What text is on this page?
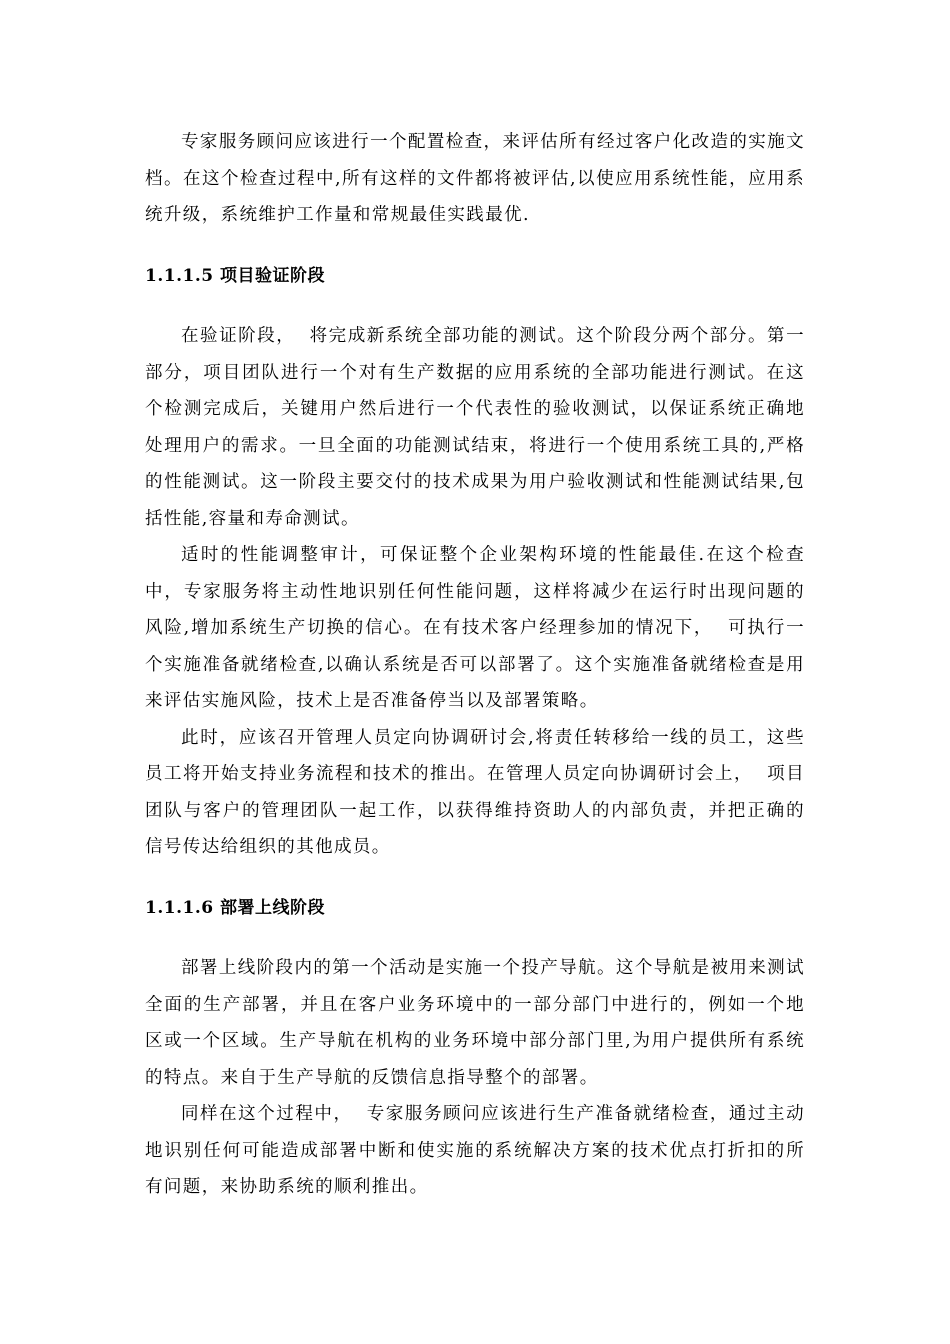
专家服务顾问应该进行一个配置检查，来评估所有经过客户化改造的实施文档。在这个检查过程中,所有这样的文件都将被评估,以使应用系统性能，应用系统升级，系统维护工作量和常规最佳实践最优.

1.1.1.5 项目验证阶段

在验证阶段，  将完成新系统全部功能的测试。这个阶段分两个部分。第一部分，项目团队进行一个对有生产数据的应用系统的全部功能进行测试。在这个检测完成后，关键用户然后进行一个代表性的验收测试，以保证系统正确地处理用户的需求。一旦全面的功能测试结束，将进行一个使用系统工具的,严格的性能测试。这一阶段主要交付的技术成果为用户验收测试和性能测试结果,包括性能,容量和寿命测试。

适时的性能调整审计，可保证整个企业架构环境的性能最佳.在这个检查中，专家服务将主动性地识别任何性能问题，这样将减少在运行时出现问题的风险,增加系统生产切换的信心。在有技术客户经理参加的情况下，  可执行一个实施准备就绪检查,以确认系统是否可以部署了。这个实施准备就绪检查是用来评估实施风险，技术上是否准备停当以及部署策略。

此时，应该召开管理人员定向协调研讨会,将责任转移给一线的员工，这些员工将开始支持业务流程和技术的推出。在管理人员定向协调研讨会上，  项目团队与客户的管理团队一起工作，以获得维持资助人的内部负责，并把正确的信号传达给组织的其他成员。

1.1.1.6 部署上线阶段

部署上线阶段内的第一个活动是实施一个投产导航。这个导航是被用来测试全面的生产部署，并且在客户业务环境中的一部分部门中进行的，例如一个地区或一个区域。生产导航在机构的业务环境中部分部门里,为用户提供所有系统的特点。来自于生产导航的反馈信息指导整个的部署。

同样在这个过程中，  专家服务顾问应该进行生产准备就绪检查，通过主动地识别任何可能造成部署中断和使实施的系统解决方案的技术优点打折扣的所有问题，来协助系统的顺利推出。
